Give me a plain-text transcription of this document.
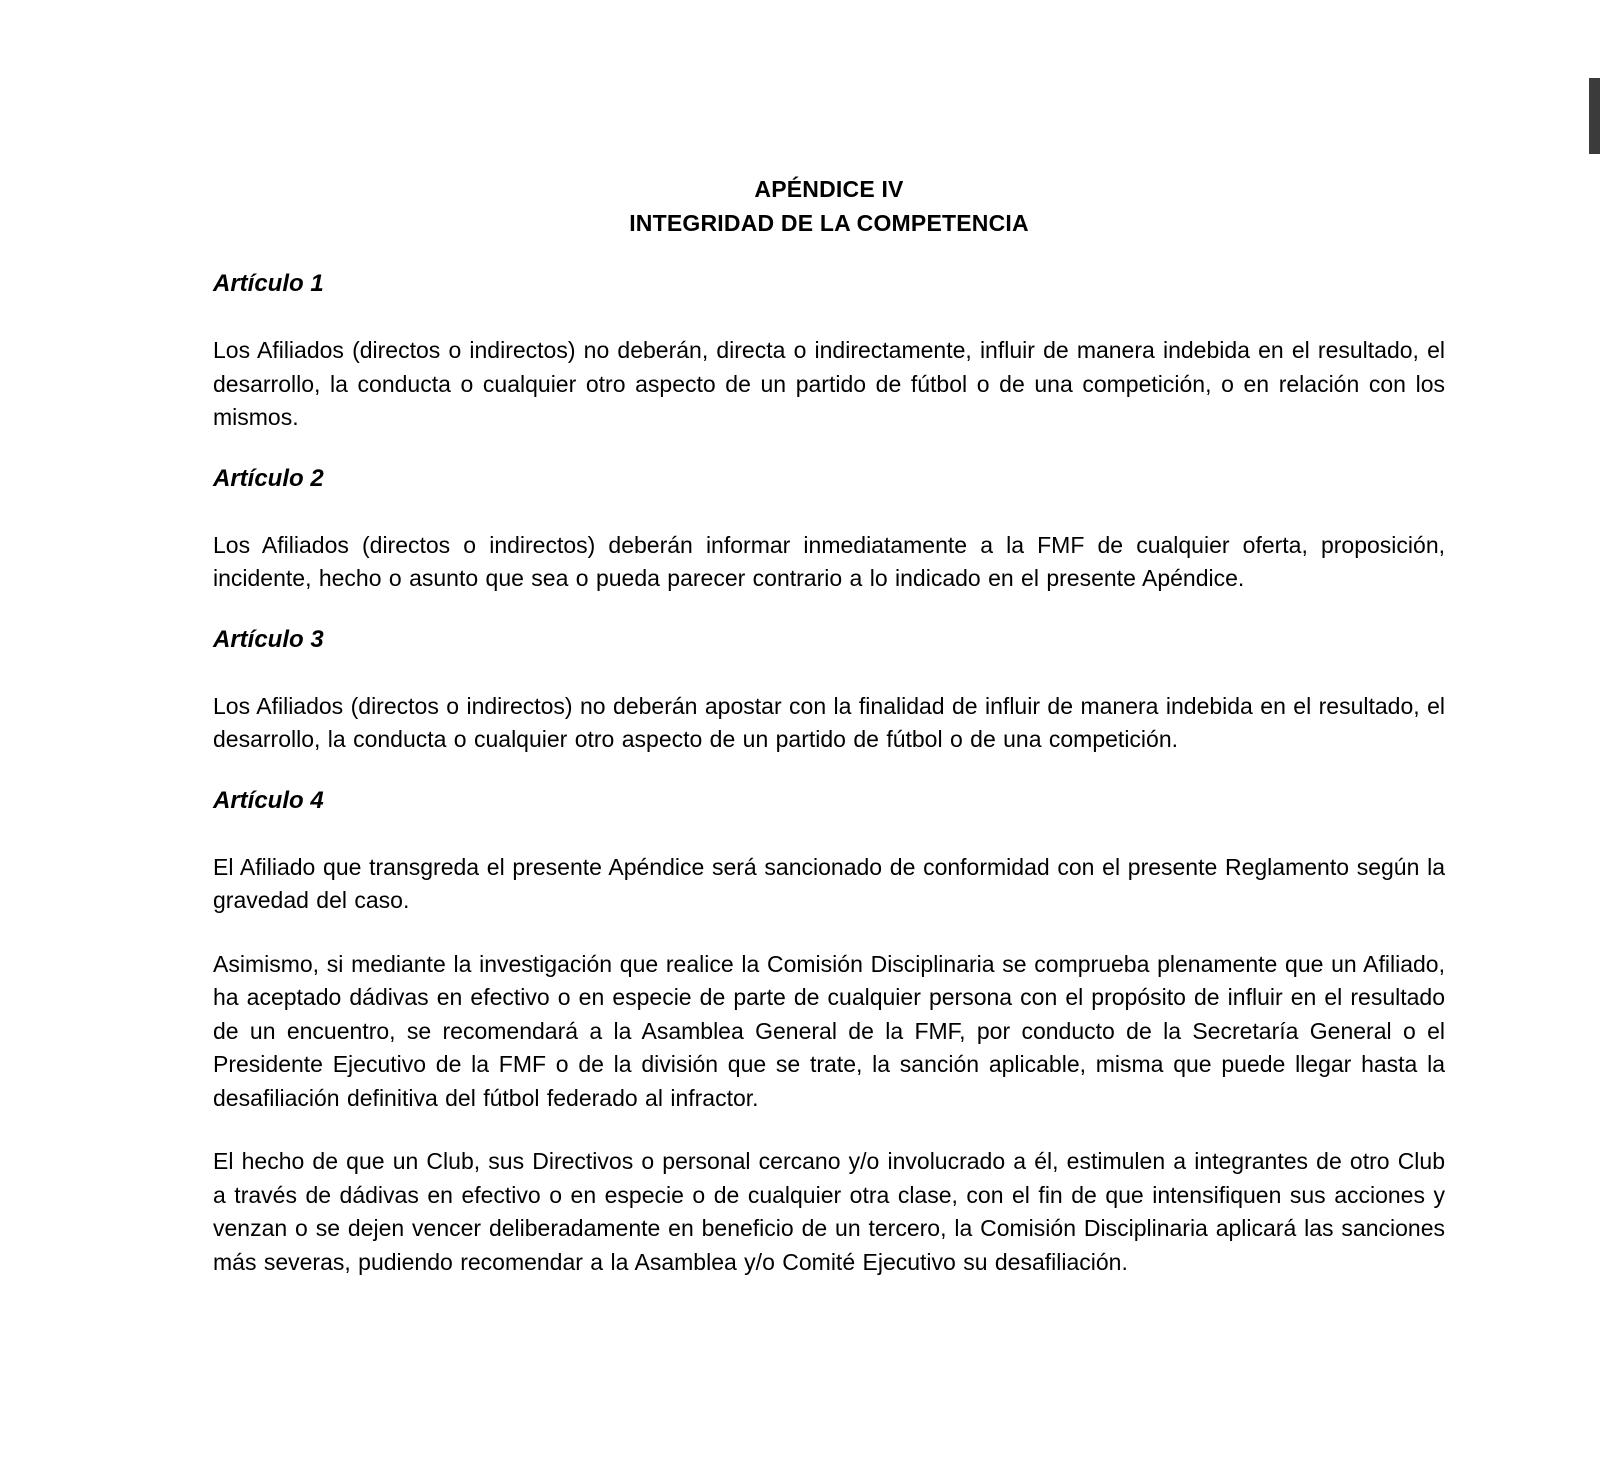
APÉNDICE IV
INTEGRIDAD DE LA COMPETENCIA
Artículo 1

Los Afiliados (directos o indirectos) no deberán, directa o indirectamente, influir de manera indebida en el resultado, el desarrollo, la conducta o cualquier otro aspecto de un partido de fútbol o de una competición, o en relación con los mismos.

Artículo 2

Los Afiliados (directos o indirectos) deberán informar inmediatamente a la FMF de cualquier oferta, proposición, incidente, hecho o asunto que sea o pueda parecer contrario a lo indicado en el presente Apéndice.

Artículo 3

Los Afiliados (directos o indirectos) no deberán apostar con la finalidad de influir de manera indebida en el resultado, el desarrollo, la conducta o cualquier otro aspecto de un partido de fútbol o de una competición.

Artículo 4

El Afiliado que transgreda el presente Apéndice será sancionado de conformidad con el presente Reglamento según la gravedad del caso.

Asimismo, si mediante la investigación que realice la Comisión Disciplinaria se comprueba plenamente que un Afiliado, ha aceptado dádivas en efectivo o en especie de parte de cualquier persona con el propósito de influir en el resultado de un encuentro, se recomendará a la Asamblea General de la FMF, por conducto de la Secretaría General o el Presidente Ejecutivo de la FMF o de la división que se trate, la sanción aplicable, misma que puede llegar hasta la desafiliación definitiva del fútbol federado al infractor.

El hecho de que un Club, sus Directivos o personal cercano y/o involucrado a él, estimulen a integrantes de otro Club a través de dádivas en efectivo o en especie o de cualquier otra clase, con el fin de que intensifiquen sus acciones y venzan o se dejen vencer deliberadamente en beneficio de un tercero, la Comisión Disciplinaria aplicará las sanciones más severas, pudiendo recomendar a la Asamblea y/o Comité Ejecutivo su desafiliación.
